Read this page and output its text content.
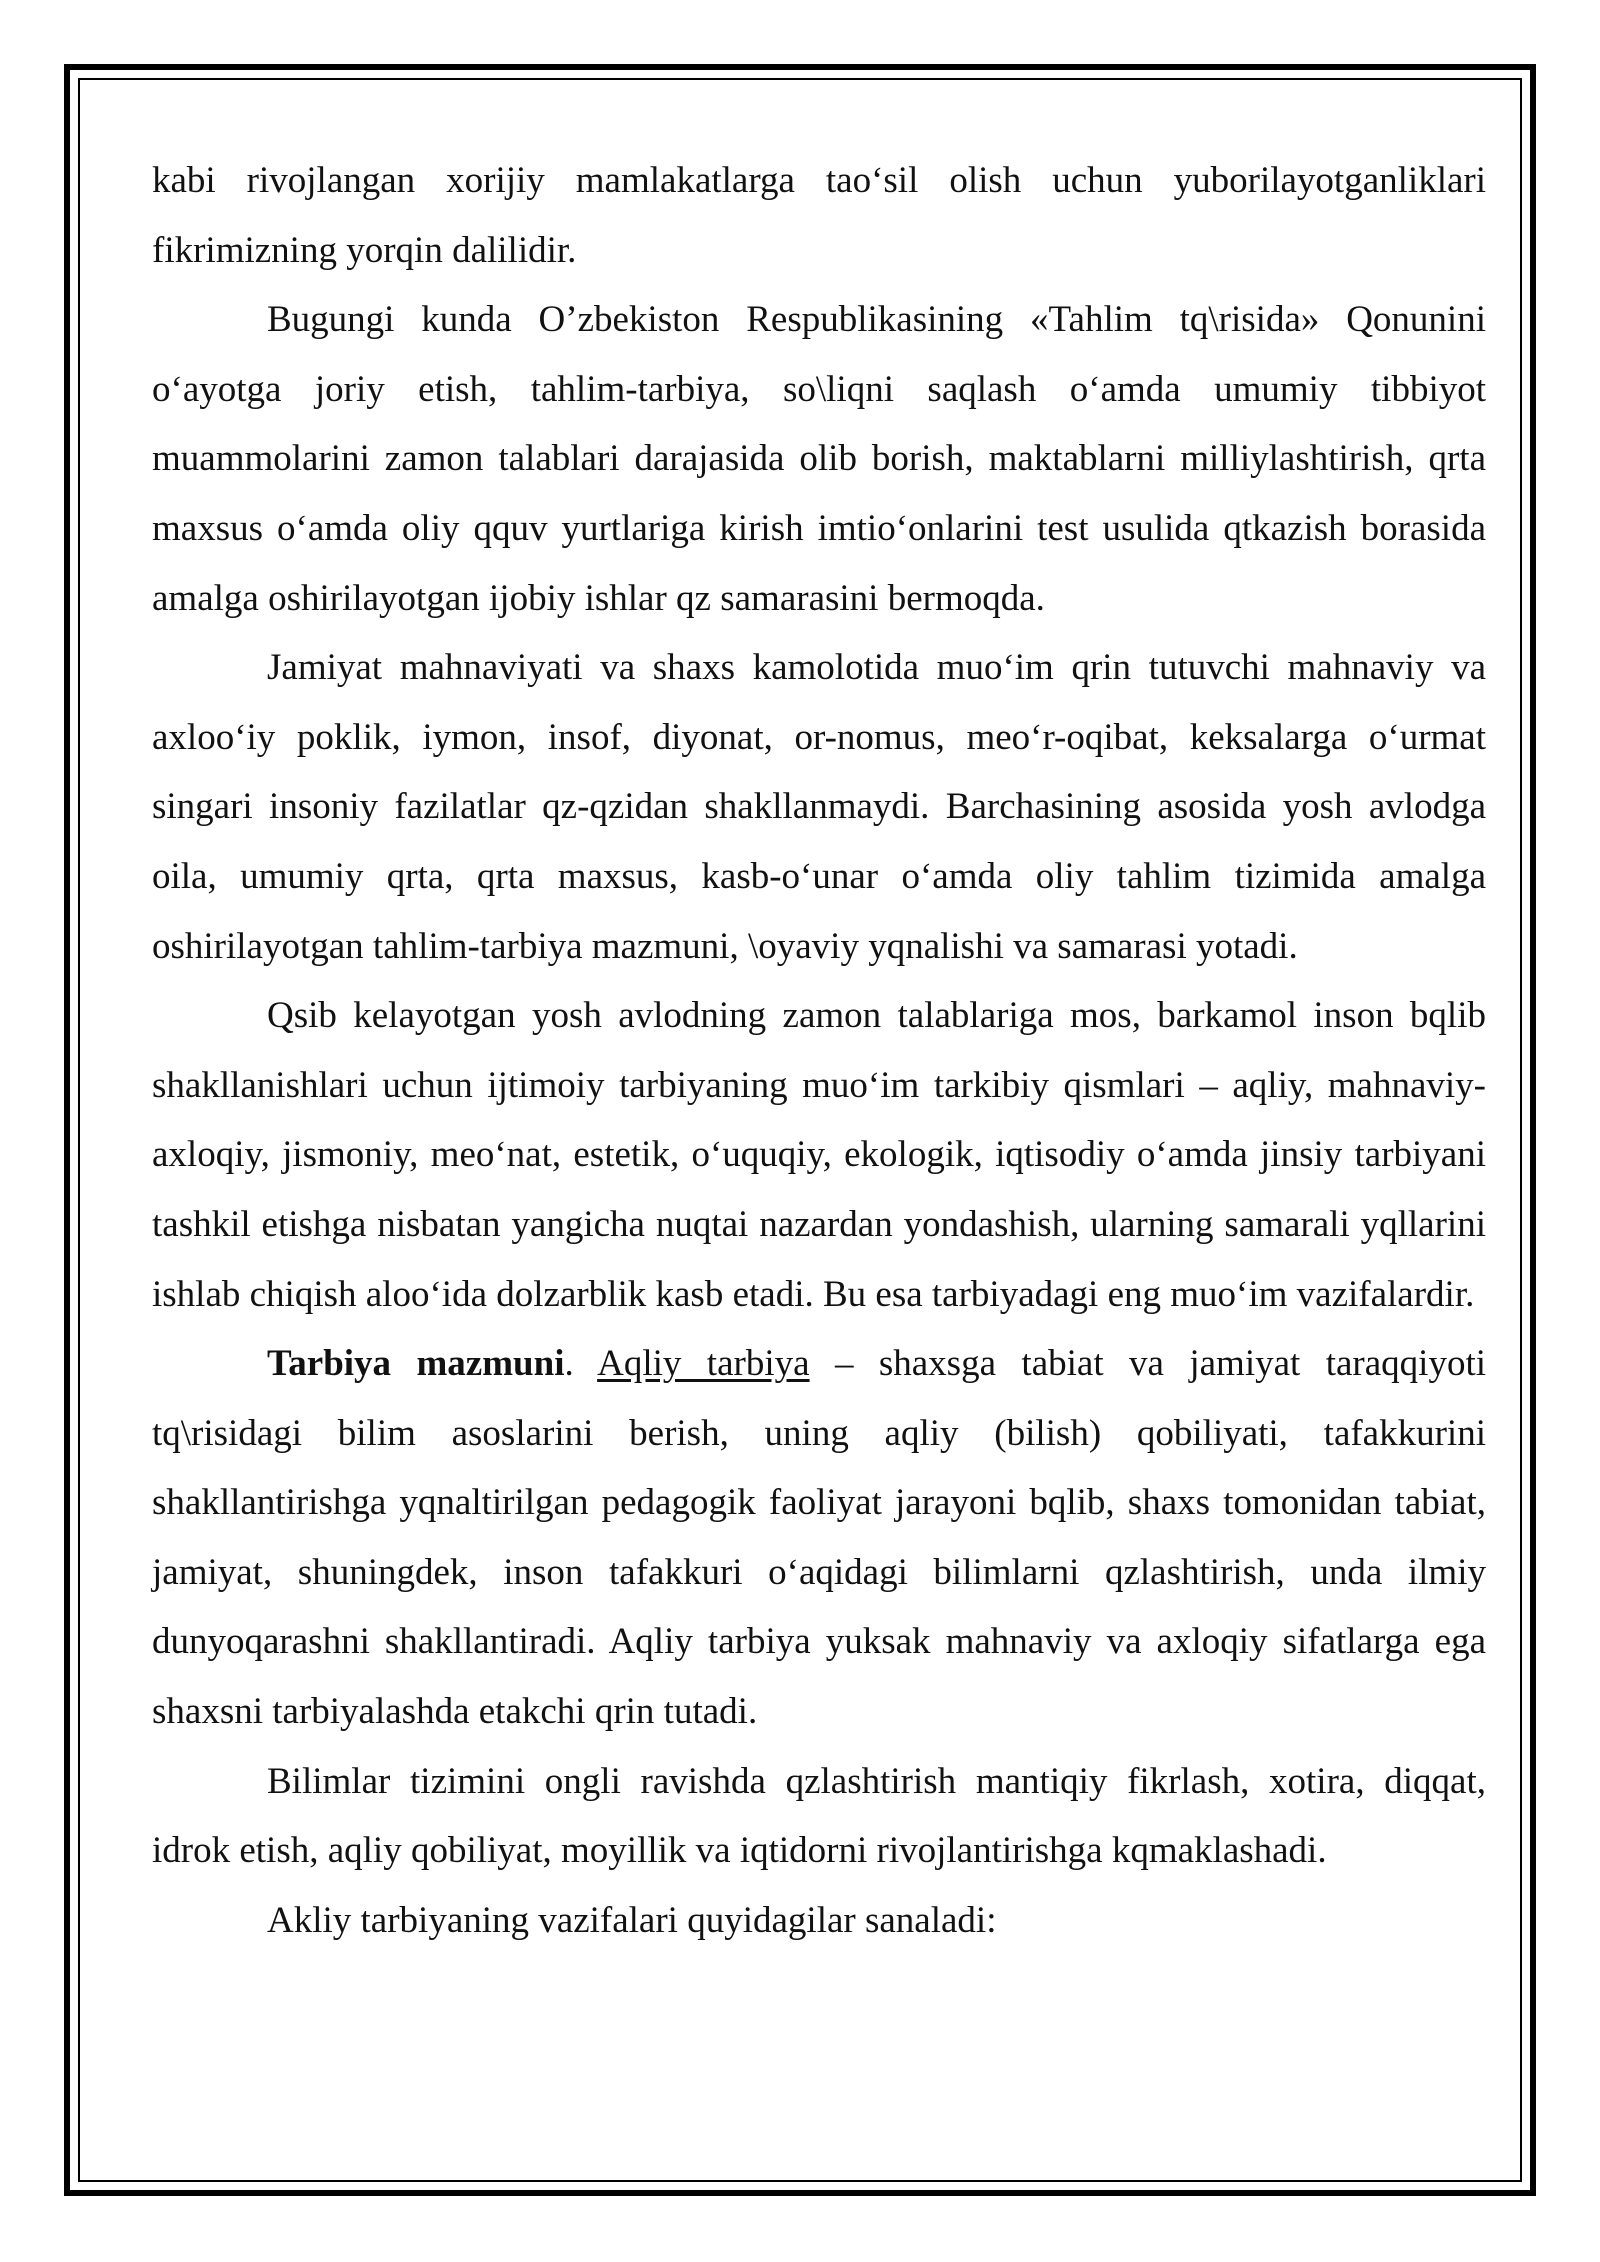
kabi rivojlangan xorijiy mamlakatlarga tao‘sil olish uchun yuborilayotganliklari fikrimizning yorqin dalilidir.

Bugungi kunda O’zbekiston Respublikasining «Tahlim tq\risida» Qonunini o‘ayotga joriy etish, tahlim-tarbiya, so\liqni saqlash o‘amda umumiy tibbiyot muammolarini zamon talablari darajasida olib borish, maktablarni milliylashtirish, qrta maxsus o‘amda oliy qquv yurtlariga kirish imtio‘onlarini test usulida qtkazish borasida amalga oshirilayotgan ijobiy ishlar qz samarasini bermoqda.

Jamiyat mahnaviyati va shaxs kamolotida muo‘im qrin tutuvchi mahnaviy va axloo‘iy poklik, iymon, insof, diyonat, or-nomus, meo‘r-oqibat, keksalarga o‘urmat singari insoniy fazilatlar qz-qzidan shakllanmaydi. Barchasining asosida yosh avlodga oila, umumiy qrta, qrta maxsus, kasb-o‘unar o‘amda oliy tahlim tizimida amalga oshirilayotgan tahlim-tarbiya mazmuni, \oyaviy yqnalishi va samarasi yotadi.

Qsib kelayotgan yosh avlodning zamon talablariga mos, barkamol inson bqlib shakllanishlari uchun ijtimoiy tarbiyaning muo‘im tarkibiy qismlari – aqliy, mahnaviy-axloqiy, jismoniy, meo‘nat, estetik, o‘uquqiy, ekologik, iqtisodiy o‘amda jinsiy tarbiyani tashkil etishga nisbatan yangicha nuqtai nazardan yondashish, ularning samarali yqllarini ishlab chiqish aloo‘ida dolzarblik kasb etadi. Bu esa tarbiyadagi eng muo‘im vazifalardir.

Tarbiya mazmuni. Aqliy tarbiya – shaxsga tabiat va jamiyat taraqqiyoti tq\risidagi bilim asoslarini berish, uning aqliy (bilish) qobiliyati, tafakkurini shakllantirishga yqnaltirilgan pedagogik faoliyat jarayoni bqlib, shaxs tomonidan tabiat, jamiyat, shuningdek, inson tafakkuri o‘aqidagi bilimlarni qzlashtirish, unda ilmiy dunyoqarashni shakllantiradi. Aqliy tarbiya yuksak mahnaviy va axloqiy sifatlarga ega shaxsni tarbiyalashda etakchi qrin tutadi.

Bilimlar tizimini ongli ravishda qzlashtirish mantiqiy fikrlash, xotira, diqqat, idrok etish, aqliy qobiliyat, moyillik va iqtidorni rivojlantirishga kqmaklashadi.

Akliy tarbiyaning vazifalari quyidagilar sanaladi:
